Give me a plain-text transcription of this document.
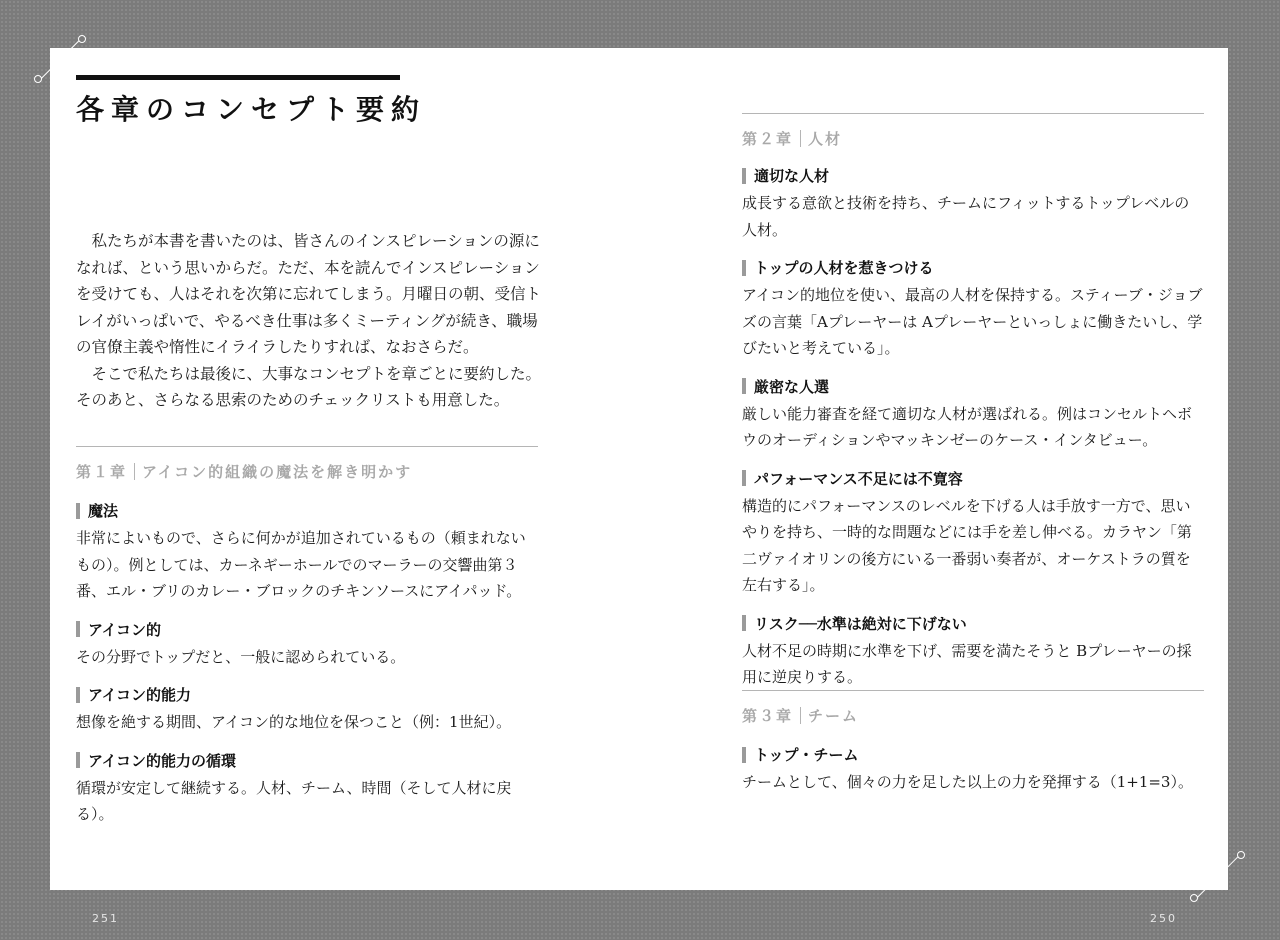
各章のコンセプト要約

私たちが本書を書いたのは、皆さんのインスピレーションの源になれば、という思いからだ。ただ、本を読んでインスピレーションを受けても、人はそれを次第に忘れてしまう。月曜日の朝、受信トレイがいっぱいで、やるべき仕事は多くミーティングが続き、職場の官僚主義や惰性にイライラしたりすれば、なおさらだ。

そこで私たちは最後に、大事なコンセプトを章ごとに要約した。そのあと、さらなる思索のためのチェックリストも用意した。

第１章 アイコン的組織の魔法を解き明かす
魔法
非常によいもので、さらに何かが追加されているもの（頼まれないもの）。例としては、カーネギーホールでのマーラーの交響曲第３番、エル・ブリのカレー・ブロックのチキンソースにアイパッド。
アイコン的
その分野でトップだと、一般に認められている。
アイコン的能力
想像を絶する期間、アイコン的な地位を保つこと（例：1世紀）。
アイコン的能力の循環
循環が安定して継続する。人材、チーム、時間（そして人材に戻る）。
第２章 人材
適切な人材
成長する意欲と技術を持ち、チームにフィットするトップレベルの人材。
トップの人材を惹きつける
アイコン的地位を使い、最高の人材を保持する。スティーブ・ジョブズの言葉「Aプレーヤーは Aプレーヤーといっしょに働きたいし、学びたいと考えている」。
厳密な人選
厳しい能力審査を経て適切な人材が選ばれる。例はコンセルトヘボウのオーディションやマッキンゼーのケース・インタビュー。
パフォーマンス不足には不寛容
構造的にパフォーマンスのレベルを下げる人は手放す一方で、思いやりを持ち、一時的な問題などには手を差し伸べる。カラヤン「第二ヴァイオリンの後方にいる一番弱い奏者が、オーケストラの質を左右する」。
リスク──水準は絶対に下げない
人材不足の時期に水準を下げ、需要を満たそうと Bプレーヤーの採用に逆戻りする。
第３章 チーム
トップ・チーム
チームとして、個々の力を足した以上の力を発揮する（1+1=3）。
251	250
